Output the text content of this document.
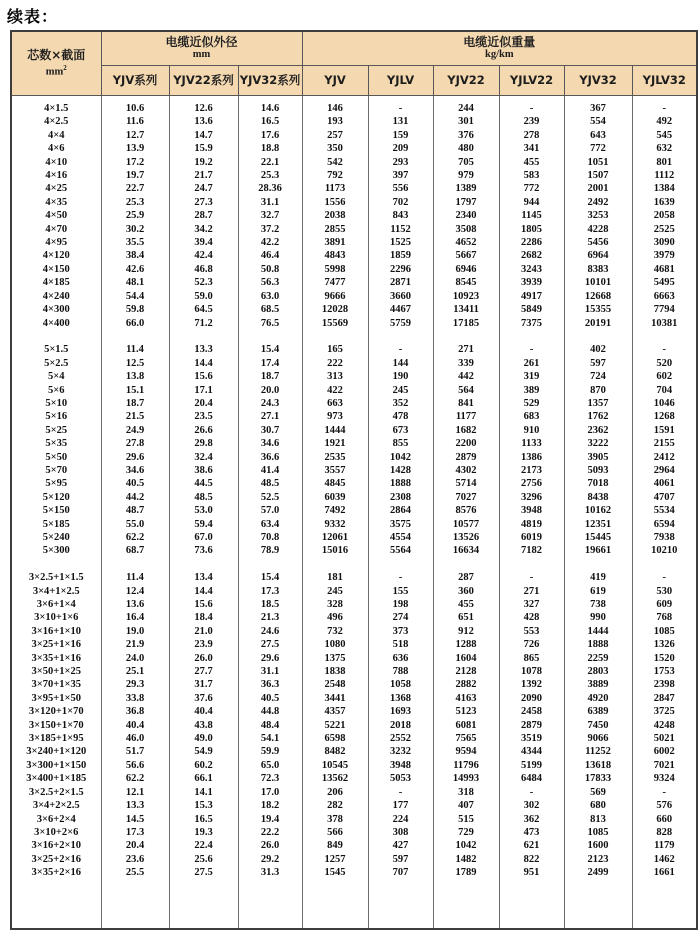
续表：
芯数×截面
$mm^2$

电缆近似外径
mm

电缆近似重量
kg/km

	YJV系列	YJV22系列	YJV32系列	YJV	YJLV	YJV22	YJLV22	YJV32	YJLV32

4×1.5	10.6	12.6	14.6	146	-	244	-	367	-
4×2.5	11.6	13.6	16.5	193	131	301	239	554	492
4×4	12.7	14.7	17.6	257	159	376	278	643	545
4×6	13.9	15.9	18.8	350	209	480	341	772	632
4×10	17.2	19.2	22.1	542	293	705	455	1051	801
4×16	19.7	21.7	25.3	792	397	979	583	1507	1112
4×25	22.7	24.7	28.36	1173	556	1389	772	2001	1384
4×35	25.3	27.3	31.1	1556	702	1797	944	2492	1639
4×50	25.9	28.7	32.7	2038	843	2340	1145	3253	2058
4×70	30.2	34.2	37.2	2855	1152	3508	1805	4228	2525
4×95	35.5	39.4	42.2	3891	1525	4652	2286	5456	3090
4×120	38.4	42.4	46.4	4843	1859	5667	2682	6964	3979
4×150	42.6	46.8	50.8	5998	2296	6946	3243	8383	4681
4×185	48.1	52.3	56.3	7477	2871	8545	3939	10101	5495
4×240	54.4	59.0	63.0	9666	3660	10923	4917	12668	6663
4×300	59.8	64.5	68.5	12028	4467	13411	5849	15355	7794
4×400	66.0	71.2	76.5	15569	5759	17185	7375	20191	10381

5×1.5	11.4	13.3	15.4	165	-	271	-	402	-
5×2.5	12.5	14.4	17.4	222	144	339	261	597	520
5×4	13.8	15.6	18.7	313	190	442	319	724	602
5×6	15.1	17.1	20.0	422	245	564	389	870	704
5×10	18.7	20.4	24.3	663	352	841	529	1357	1046
5×16	21.5	23.5	27.1	973	478	1177	683	1762	1268
5×25	24.9	26.6	30.7	1444	673	1682	910	2362	1591
5×35	27.8	29.8	34.6	1921	855	2200	1133	3222	2155
5×50	29.6	32.4	36.6	2535	1042	2879	1386	3905	2412
5×70	34.6	38.6	41.4	3557	1428	4302	2173	5093	2964
5×95	40.5	44.5	48.5	4845	1888	5714	2756	7018	4061
5×120	44.2	48.5	52.5	6039	2308	7027	3296	8438	4707
5×150	48.7	53.0	57.0	7492	2864	8576	3948	10162	5534
5×185	55.0	59.4	63.4	9332	3575	10577	4819	12351	6594
5×240	62.2	67.0	70.8	12061	4554	13526	6019	15445	7938
5×300	68.7	73.6	78.9	15016	5564	16634	7182	19661	10210

3×2.5+1×1.5	11.4	13.4	15.4	181	-	287	-	419	-
3×4+1×2.5	12.4	14.4	17.3	245	155	360	271	619	530
3×6+1×4	13.6	15.6	18.5	328	198	455	327	738	609
3×10+1×6	16.4	18.4	21.3	496	274	651	428	990	768
3×16+1×10	19.0	21.0	24.6	732	373	912	553	1444	1085
3×25+1×16	21.9	23.9	27.5	1080	518	1288	726	1888	1326
3×35+1×16	24.0	26.0	29.6	1375	636	1604	865	2259	1520
3×50+1×25	25.1	27.7	31.1	1838	788	2128	1078	2803	1753
3×70+1×35	29.3	31.7	36.3	2548	1058	2882	1392	3889	2398
3×95+1×50	33.8	37.6	40.5	3441	1368	4163	2090	4920	2847
3×120+1×70	36.8	40.4	44.8	4357	1693	5123	2458	6389	3725
3×150+1×70	40.4	43.8	48.4	5221	2018	6081	2879	7450	4248
3×185+1×95	46.0	49.0	54.1	6598	2552	7565	3519	9066	5021
3×240+1×120	51.7	54.9	59.9	8482	3232	9594	4344	11252	6002
3×300+1×150	56.6	60.2	65.0	10545	3948	11796	5199	13618	7021
3×400+1×185	62.2	66.1	72.3	13562	5053	14993	6484	17833	9324
3×2.5+2×1.5	12.1	14.1	17.0	206	-	318	-	569	-
3×4+2×2.5	13.3	15.3	18.2	282	177	407	302	680	576
3×6+2×4	14.5	16.5	19.4	378	224	515	362	813	660
3×10+2×6	17.3	19.3	22.2	566	308	729	473	1085	828
3×16+2×10	20.4	22.4	26.0	849	427	1042	621	1600	1179
3×25+2×16	23.6	25.6	29.2	1257	597	1482	822	2123	1462
3×35+2×16	25.5	27.5	31.3	1545	707	1789	951	2499	1661
